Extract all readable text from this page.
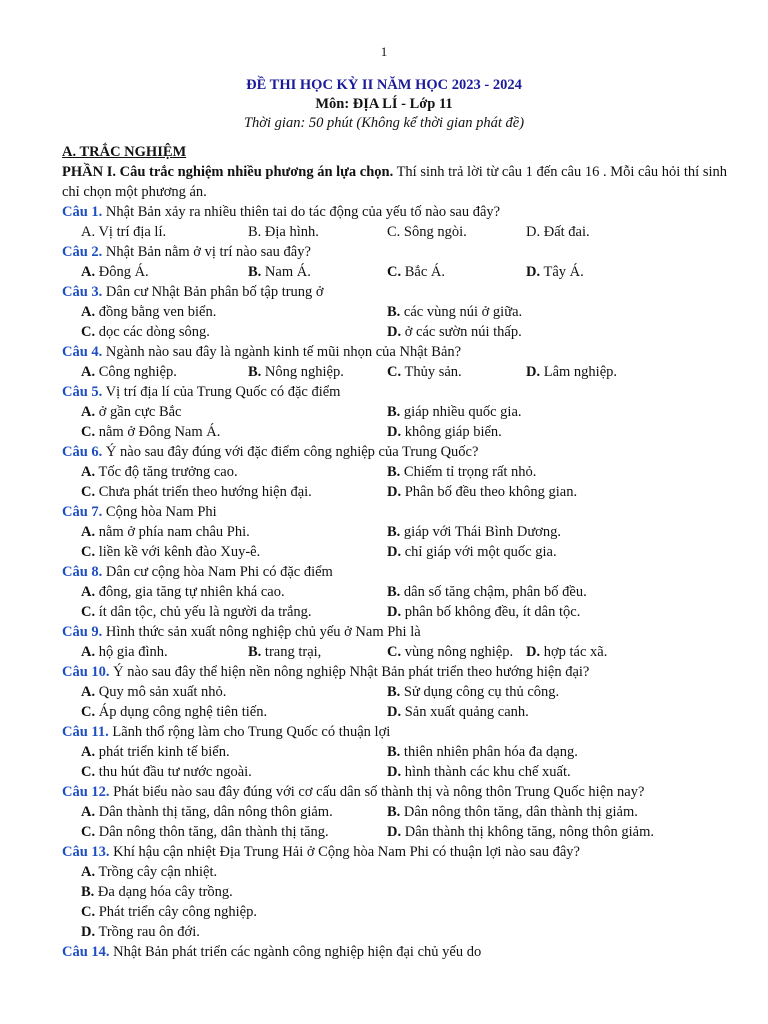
1
ĐỀ THI HỌC KỲ II NĂM HỌC 2023 - 2024
Môn: ĐỊA LÍ - Lớp 11
Thời gian: 50 phút (Không kể thời gian phát đề)
A. TRẮC NGHIỆM
PHẦN I. Câu trắc nghiệm nhiều phương án lựa chọn. Thí sinh trả lời từ câu 1 đến câu 16 . Mỗi câu hỏi thí sinh chỉ chọn một phương án.
Câu 1. Nhật Bản xảy ra nhiều thiên tai do tác động của yếu tố nào sau đây?
A. Vị trí địa lí.	B. Địa hình.	C. Sông ngòi.	D. Đất đai.
Câu 2. Nhật Bản nằm ở vị trí nào sau đây?
A. Đông Á.	B. Nam Á.	C. Bắc Á.	D. Tây Á.
Câu 3. Dân cư Nhật Bản phân bố tập trung ở
A. đồng bằng ven biển.	B. các vùng núi ở giữa.
C. dọc các dòng sông.	D. ở các sườn núi thấp.
Câu 4. Ngành nào sau đây là ngành kinh tế mũi nhọn của Nhật Bản?
A. Công nghiệp.	B. Nông nghiệp.	C. Thủy sản.	D. Lâm nghiệp.
Câu 5. Vị trí địa lí của Trung Quốc có đặc điểm
A. ở gần cực Bắc	B. giáp nhiều quốc gia.
C. nằm ở Đông Nam Á.	D. không giáp biển.
Câu 6. Ý nào sau đây đúng với đặc điểm công nghiệp của Trung Quốc?
A. Tốc độ tăng trưởng cao.	B. Chiếm tỉ trọng rất nhỏ.
C. Chưa phát triển theo hướng hiện đại.	D. Phân bố đều theo không gian.
Câu 7. Cộng hòa Nam Phi
A. nằm ở phía nam châu Phi.	B. giáp với Thái Bình Dương.
C. liền kề với kênh đào Xuy-ê.	D. chỉ giáp với một quốc gia.
Câu 8. Dân cư cộng hòa Nam Phi có đặc điểm
A. đông, gia tăng tự nhiên khá cao.	B. dân số tăng chậm, phân bố đều.
C. ít dân tộc, chủ yếu là người da trắng.	D. phân bố không đều, ít dân tộc.
Câu 9. Hình thức sản xuất nông nghiệp chủ yếu ở Nam Phi là
A. hộ gia đình.	B. trang trại,	C. vùng nông nghiệp. D. hợp tác xã.
Câu 10. Ý nào sau đây thể hiện nền nông nghiệp Nhật Bản phát triển theo hướng hiện đại?
A. Quy mô sản xuất nhỏ.	B. Sử dụng công cụ thủ công.
C. Áp dụng công nghệ tiên tiến.	D. Sản xuất quảng canh.
Câu 11. Lãnh thổ rộng làm cho Trung Quốc có thuận lợi
A. phát triển kinh tế biển.	B. thiên nhiên phân hóa đa dạng.
C. thu hút đầu tư nước ngoài.	D. hình thành các khu chế xuất.
Câu 12. Phát biểu nào sau đây đúng với cơ cấu dân số thành thị và nông thôn Trung Quốc hiện nay?
A. Dân thành thị tăng, dân nông thôn giảm.	B. Dân nông thôn tăng, dân thành thị giảm.
C. Dân nông thôn tăng, dân thành thị tăng.	D. Dân thành thị không tăng, nông thôn giảm.
Câu 13. Khí hậu cận nhiệt Địa Trung Hải ở Cộng hòa Nam Phi có thuận lợi nào sau đây?
A. Trồng cây cận nhiệt.
B. Đa dạng hóa cây trồng.
C. Phát triển cây công nghiệp.
D. Trồng rau ôn đới.
Câu 14. Nhật Bản phát triển các ngành công nghiệp hiện đại chủ yếu do
